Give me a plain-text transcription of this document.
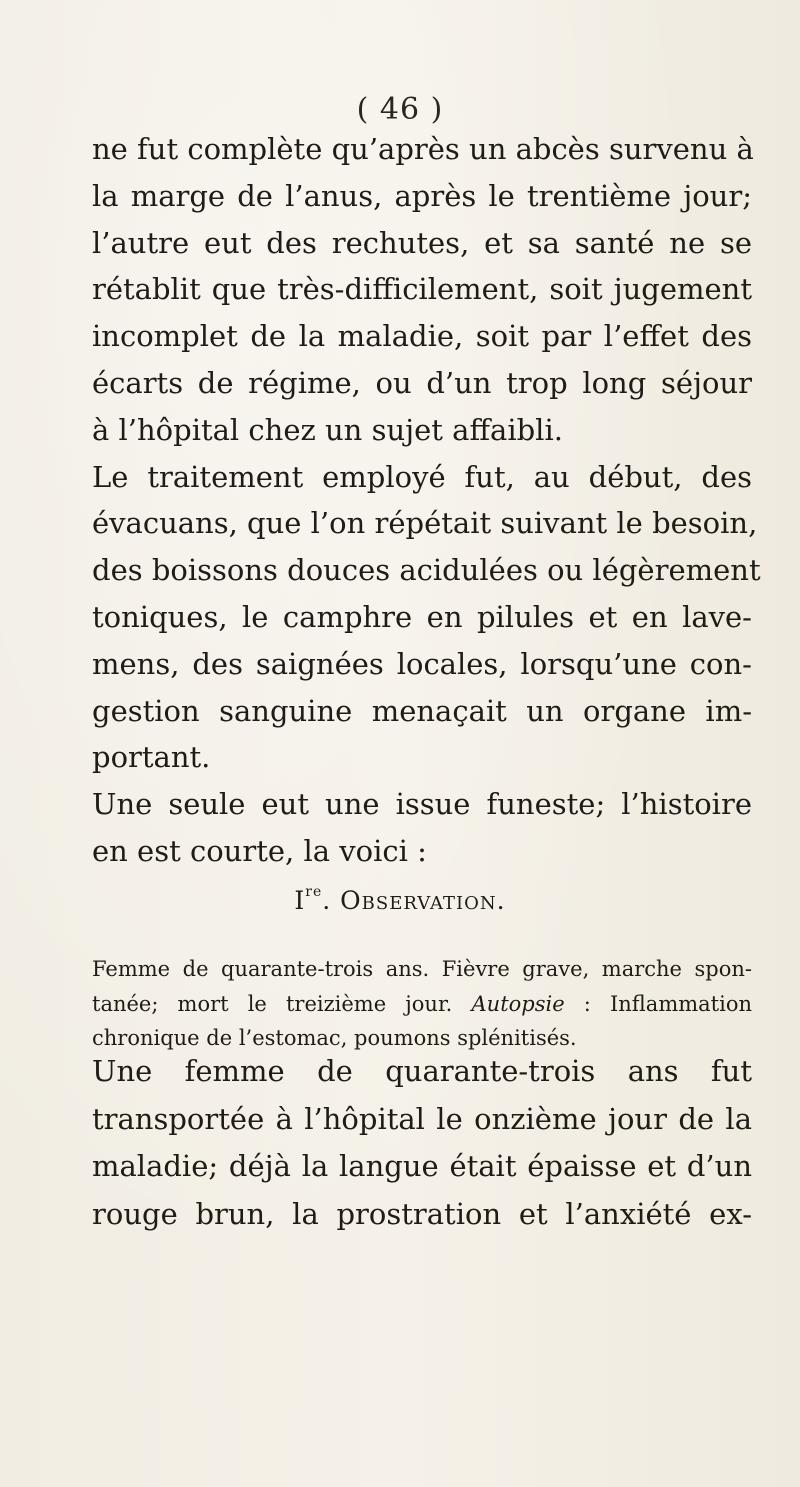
( 46 )
ne fut complète qu’après un abcès survenu à
la marge de l’anus, après le trentième jour;
l’autre eut des rechutes, et sa santé ne se
rétablit que très-difficilement, soit jugement
incomplet de la maladie, soit par l’effet des
écarts de régime, ou d’un trop long séjour
à l’hôpital chez un sujet affaibli.
Le traitement employé fut, au début, des
évacuans, que l’on répétait suivant le besoin,
des boissons douces acidulées ou légèrement
toniques, le camphre en pilules et en lave-
mens, des saignées locales, lorsqu’une con-
gestion sanguine menaçait un organe im-
portant.
Une seule eut une issue funeste; l’histoire
en est courte, la voici :
Ire. Observation.
Femme de quarante-trois ans. Fièvre grave, marche spon-
tanée; mort le treizième jour. Autopsie : Inflammation
chronique de l’estomac, poumons splénitisés.
Une femme de quarante-trois ans fut
transportée à l’hôpital le onzième jour de la
maladie; déjà la langue était épaisse et d’un
rouge brun, la prostration et l’anxiété ex-
